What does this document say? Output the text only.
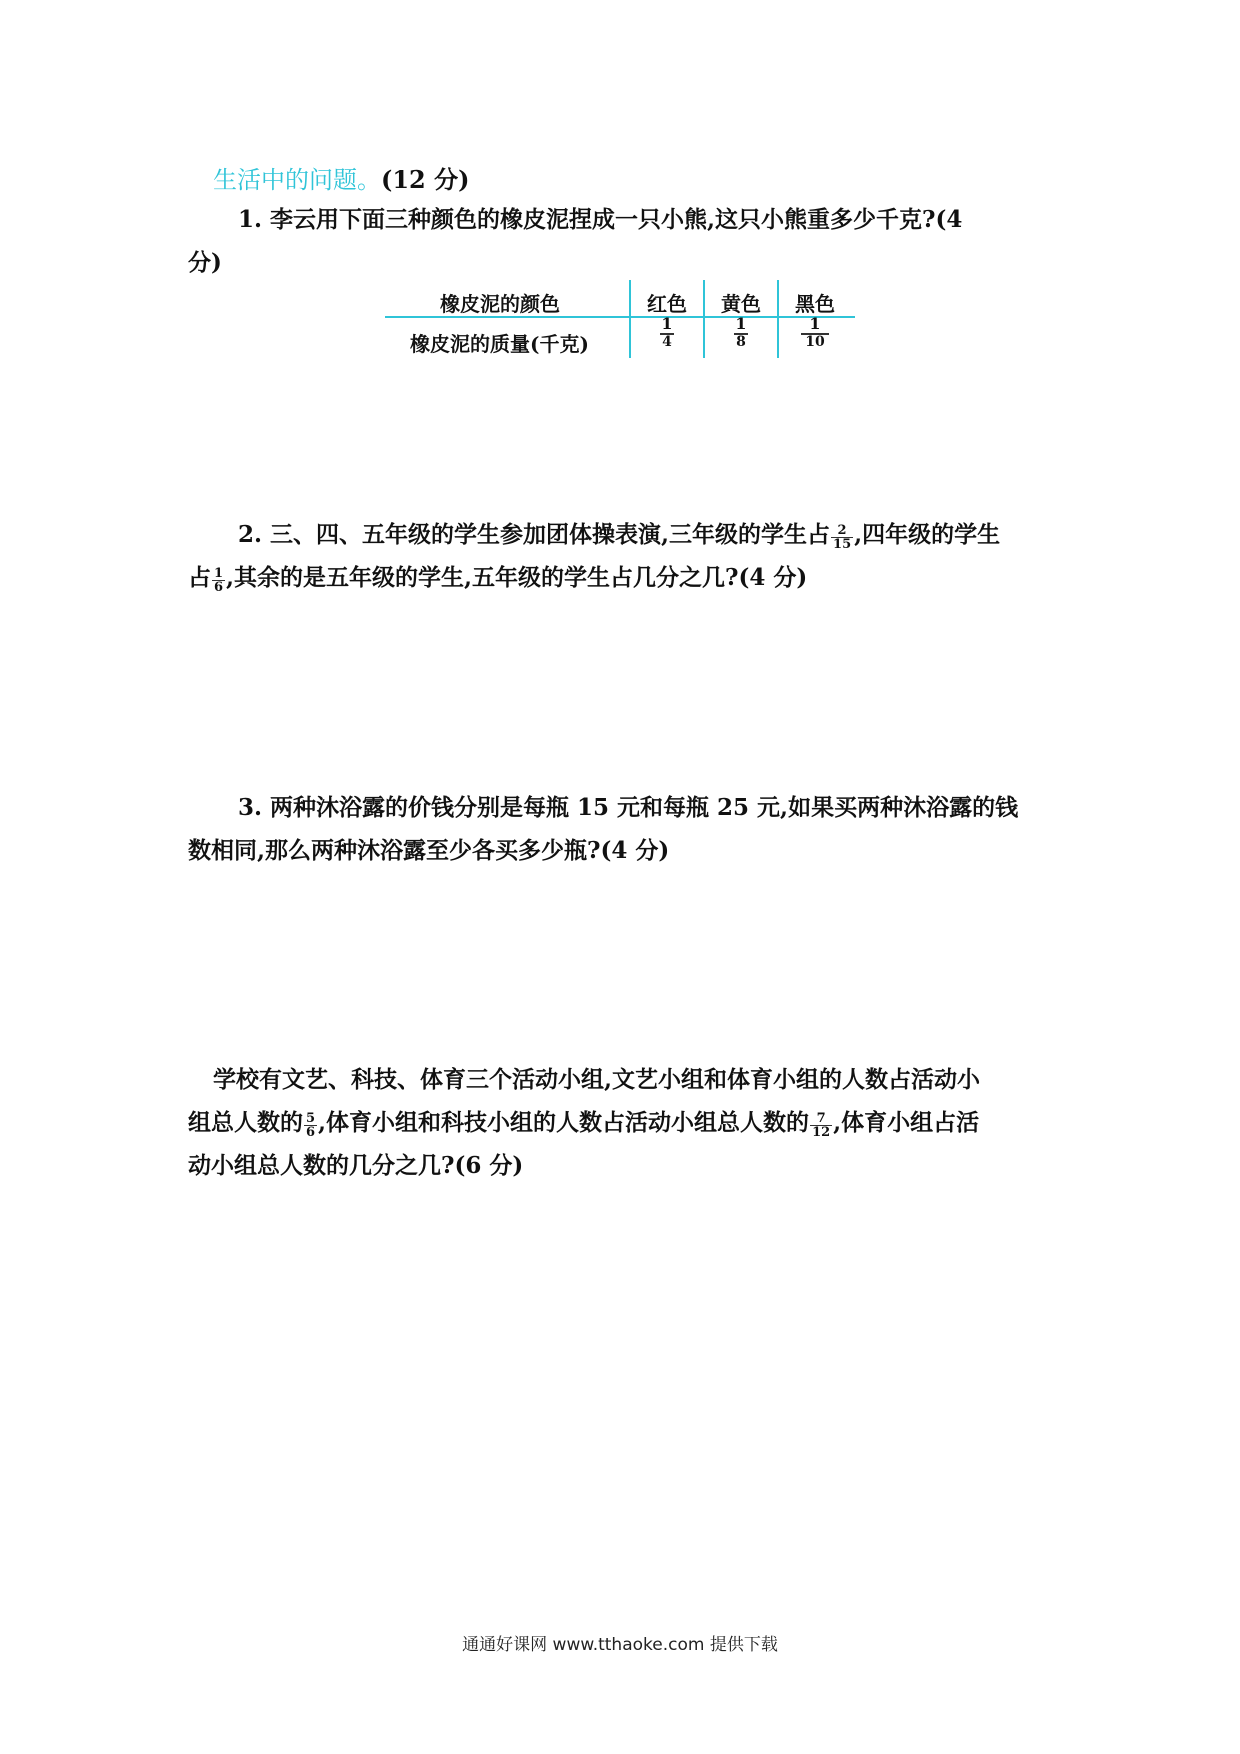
生活中的问题。(12 分)
1. 李云用下面三种颜色的橡皮泥捏成一只小熊,这只小熊重多少千克?(4
分)
橡皮泥的颜色	红色 黄色 黑色
橡皮泥的质量(千克)
1
4
1
8
1
10
2. 三、四、五年级的学生参加团体操表演,三年级的学生占 $\frac{2}{15}$ ,四年级的学生
占 $\frac{1}{6}$ ,其余的是五年级的学生,五年级的学生占几分之几?(4 分)
3. 两种沐浴露的价钱分别是每瓶 15 元和每瓶 25 元,如果买两种沐浴露的钱
数相同,那么两种沐浴露至少各买多少瓶?(4 分)
学校有文艺、科技、体育三个活动小组,文艺小组和体育小组的人数占活动小
组总人数的 $\frac{5}{6}$ ,体育小组和科技小组的人数占活动小组总人数的 $\frac{7}{12}$ ,体育小组占活
动小组总人数的几分之几?(6 分)
通通好课网 www.tthaoke.com 提供下载
